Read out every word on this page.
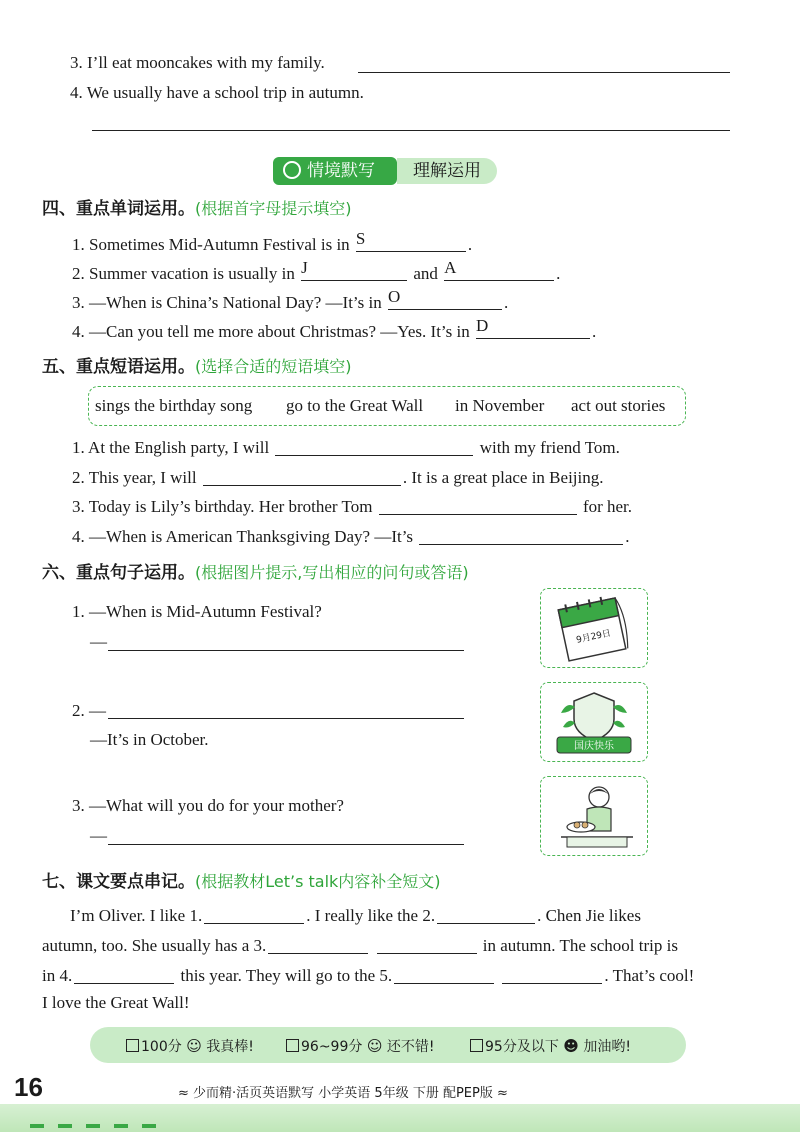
3. I’ll eat mooncakes with my family.
4. We usually have a school trip in autumn.
情境默写	理解运用
四、重点单词运用。(根据首字母提示填空)
1. Sometimes Mid-Autumn Festival is in S	.
2. Summer vacation is usually in J	and A	.
3. —When is China’s National Day? —It’s in O	.
4. —Can you tell me more about Christmas? —Yes. It’s in D	.
五、重点短语运用。(选择合适的短语填空)
sings the birthday song go to the Great Wall in November act out stories
1. At the English party, I will	with my friend Tom.
2. This year, I will	. It is a great place in Beijing.
3. Today is Lily’s birthday. Her brother Tom	for her.
4. —When is American Thanksgiving Day? —It’s	.
六、重点句子运用。(根据图片提示,写出相应的问句或答语)
1. —When is Mid-Autumn Festival?
—
2. —
—It’s in October.
3. —What will you do for your mother?
—
9月29日
国庆快乐
七、课文要点串记。(根据教材Let’s talk内容补全短文)
I’m Oliver. I like 1.	. I really like the 2.	. Chen Jie likes
autumn, too. She usually has a 3.	in autumn. The school trip is
in 4.	this year. They will go to the 5.	. That’s cool!
I love the Great Wall!
100分 ☺ 我真棒!	96~99分 ☺ 还不错!	95分及以下 ☻ 加油哟!
16	≈ 少而精·活页英语默写 小学英语 5年级 下册 配PEP版 ≈
